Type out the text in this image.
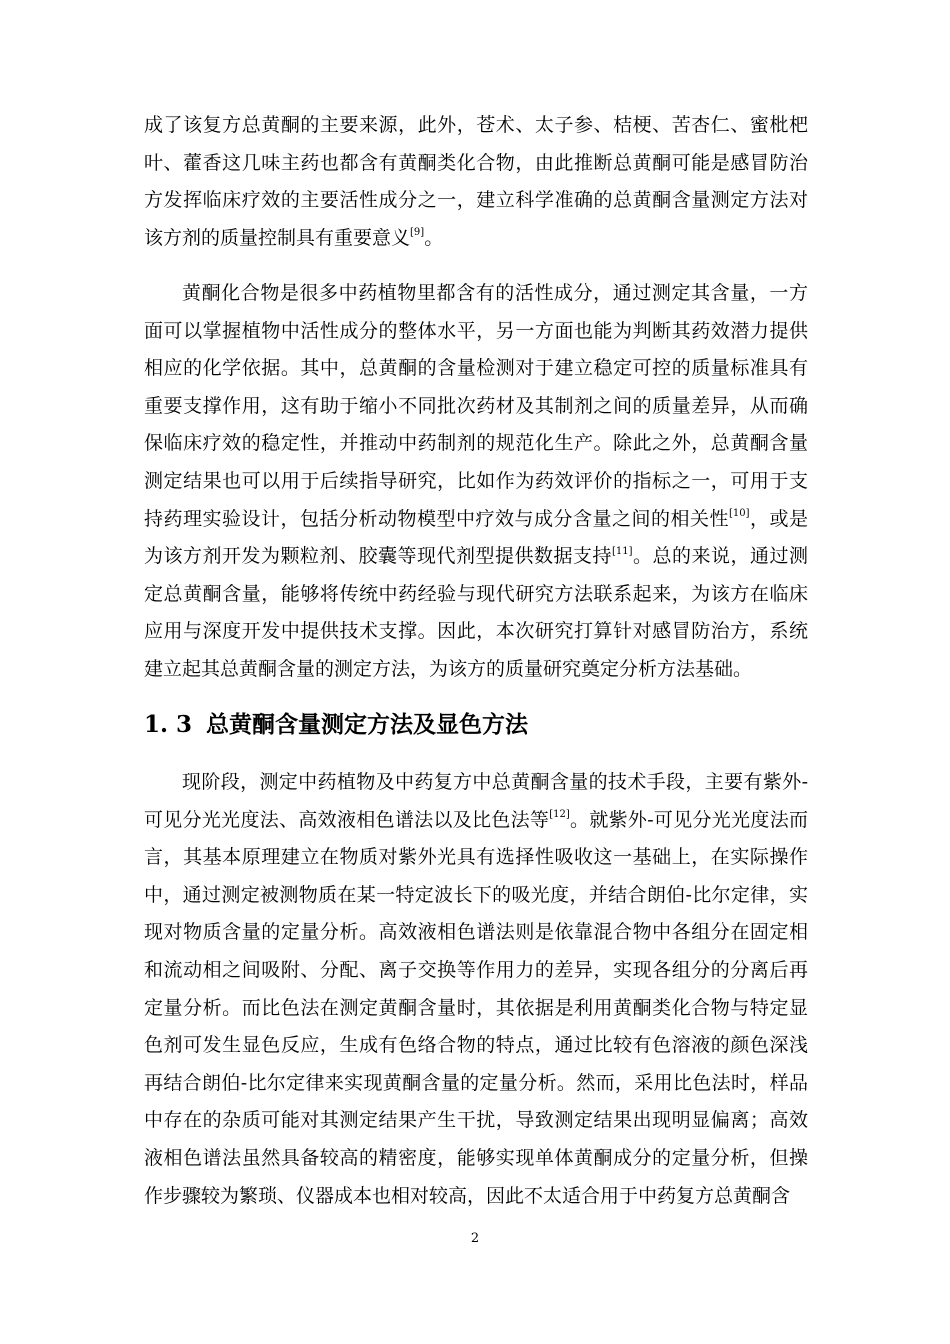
成了该复方总黄酮的主要来源，此外，苍术、太子参、桔梗、苦杏仁、蜜枇杷叶、藿香这几味主药也都含有黄酮类化合物，由此推断总黄酮可能是感冒防治方发挥临床疗效的主要活性成分之一，建立科学准确的总黄酮含量测定方法对该方剂的质量控制具有重要意义[9]。

黄酮化合物是很多中药植物里都含有的活性成分，通过测定其含量，一方面可以掌握植物中活性成分的整体水平，另一方面也能为判断其药效潜力提供相应的化学依据。其中，总黄酮的含量检测对于建立稳定可控的质量标准具有重要支撑作用，这有助于缩小不同批次药材及其制剂之间的质量差异，从而确保临床疗效的稳定性，并推动中药制剂的规范化生产。除此之外，总黄酮含量测定结果也可以用于后续指导研究，比如作为药效评价的指标之一，可用于支持药理实验设计，包括分析动物模型中疗效与成分含量之间的相关性[10]，或是为该方剂开发为颗粒剂、胶囊等现代剂型提供数据支持[11]。总的来说，通过测定总黄酮含量，能够将传统中药经验与现代研究方法联系起来，为该方在临床应用与深度开发中提供技术支撑。因此，本次研究打算针对感冒防治方，系统建立起其总黄酮含量的测定方法，为该方的质量研究奠定分析方法基础。

1. 3 总黄酮含量测定方法及显色方法

现阶段，测定中药植物及中药复方中总黄酮含量的技术手段，主要有紫外-可见分光光度法、高效液相色谱法以及比色法等[12]。就紫外-可见分光光度法而言，其基本原理建立在物质对紫外光具有选择性吸收这一基础上，在实际操作中，通过测定被测物质在某一特定波长下的吸光度，并结合朗伯-比尔定律，实现对物质含量的定量分析。高效液相色谱法则是依靠混合物中各组分在固定相和流动相之间吸附、分配、离子交换等作用力的差异，实现各组分的分离后再定量分析。而比色法在测定黄酮含量时，其依据是利用黄酮类化合物与特定显色剂可发生显色反应，生成有色络合物的特点，通过比较有色溶液的颜色深浅再结合朗伯-比尔定律来实现黄酮含量的定量分析。然而，采用比色法时，样品中存在的杂质可能对其测定结果产生干扰，导致测定结果出现明显偏离；高效液相色谱法虽然具备较高的精密度，能够实现单体黄酮成分的定量分析，但操作步骤较为繁琐、仪器成本也相对较高，因此不太适合用于中药复方总黄酮含

2
